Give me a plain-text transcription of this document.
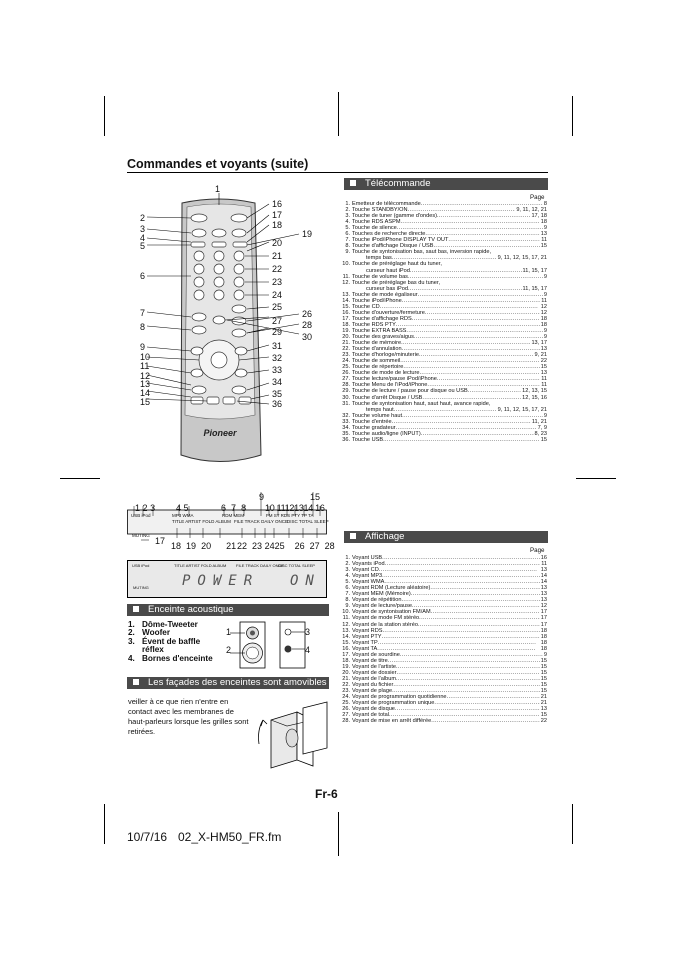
Commandes et voyants (suite)
Pioneer
1
2
3
4
5
6
7
8
9
10
11
12
13
14
15
16
17
18
19
20
21
22
23
24
25
26
27 28
29 30
31
32
33
34
35
36
1 2 3 4 5	6 7 8
9	15
10 11121314 16
USB iPod	MP3 WMA
TITLE ARTIST FOLD ALBUM
RDM MEM
FILE TRACK DAILY ONCE
DISC TOTAL SLEEP
FM ST RDS PTY TP TA
MUTING
17 18 19 20 21 22 23 2425 26 27 28
USB iPod	TITLE ARTIST FOLD ALBUM FILE TRACK DAILY ONCE
DISC TOTAL SLEEP
MUTING POWER  ON
Enceinte acoustique
1. Dôme-Tweeter
2. Woofer
3. Évent de baffle
réflex
4. Bornes d'enceinte
1
2
3
4
Les façades des enceintes sont amovibles
veiller à ce que rien n'entre en contact avec les membranes de haut-parleurs lorsque les grilles sont retirées.
Télécommande
Page
1. Émetteur de télécommande . . .	8
2. Touche STANDBY/ON . . .	9, 11, 12, 21
3. Touche de tuner (gamme d'ondes) . . .	17, 18
4. Touche RDS ASPM . . .	18
5. Touche de silence . . .	9
6. Touches de recherche directe . . .	13
7. Touche iPod/iPhone DISPLAY TV OUT . . .	11
8. Touche d'affichage Disque / USB . . .	15
9. Touche de syntonisation bas, saut bas, inversion rapide,
temps bas . . .	9, 11, 12, 15, 17, 21
10. Touche de préréglage haut du tuner,
curseur haut iPod . . .	11, 15, 17
11. Touche de volume bas . . .	9
12. Touche de préréglage bas du tuner,
curseur bas iPod . . .	11, 15, 17
13. Touche de mode égaliseur . . .	9
14. Touche iPod/iPhone . . .	11
15. Touche CD . . .	12
16. Touche d'ouverture/fermeture . . .	12
17. Touche d'affichage RDS . . .	18
18. Touche RDS PTY . . .	18
19. Touche EXTRA BASS . . .	9
20. Touche des graves/aigus . . .	9
21. Touche de mémoire . . .	13, 17
22. Touche d'annulation . . .	13
23. Touche d'horloge/minuterie . . .	9, 21
24. Touche de sommeil . . .	22
25. Touche de répertoire . . .	15
26. Touche de mode de lecture . . .	13
27. Touche lecture/pause iPod/iPhone . . .	11
28. Touche Menu de l'iPod/iPhone . . .	11
29. Touche de lecture / pause pour disque ou USB . . .	12, 13, 15
30. Touche d'arrêt Disque / USB . . .	12, 15, 16
31. Touche de syntonisation haut, saut haut, avance rapide,
temps haut . . .	9, 11, 12, 15, 17, 21
32. Touche volume haut . . .	9
33. Touche d'entrée . . .	11, 21
34. Touche gradateur . . .	7, 9
35. Touche audio/ligne (INPUT) . . .	8, 23
36. Touche USB . . .	15
Affichage
Page
1. Voyant USB . . .	16
2. Voyants iPod . . .	11
3. Voyant CD . . .	13
4. Voyant MP3 . . .	14
5. Voyant WMA . . .	14
6. Voyant RDM (Lecture aléatoire) . . .	13
7. Voyant MEM (Mémoire) . . .	13
8. Voyant de répétition . . .	13
9. Voyant de lecture/pause . . .	12
10. Voyant de syntonisation FM/AM . . .	17
11. Voyant de mode FM stéréo . . .	17
12. Voyant de la station stéréo . . .	17
13. Voyant RDS . . .	18
14. Voyant PTY . . .	18
15. Voyant TP . . .	18
16. Voyant TA . . .	18
17. Voyant de sourdine . . .	9
18. Voyant de titre . . .	15
19. Voyant de l'artiste . . .	15
20. Voyant de dossier . . .	15
21. Voyant de l'album . . .	15
22. Voyant du fichier . . .	15
23. Voyant de plage . . .	15
24. Voyant de programmation quotidienne . . .	21
25. Voyant de programmation unique . . .	21
26. Voyant de disque . . .	13
27. Voyant de total . . .	15
28. Voyant de mise en arrêt différée . . .	22
Fr-6
10/7/16 02_X-HM50_FR.fm
